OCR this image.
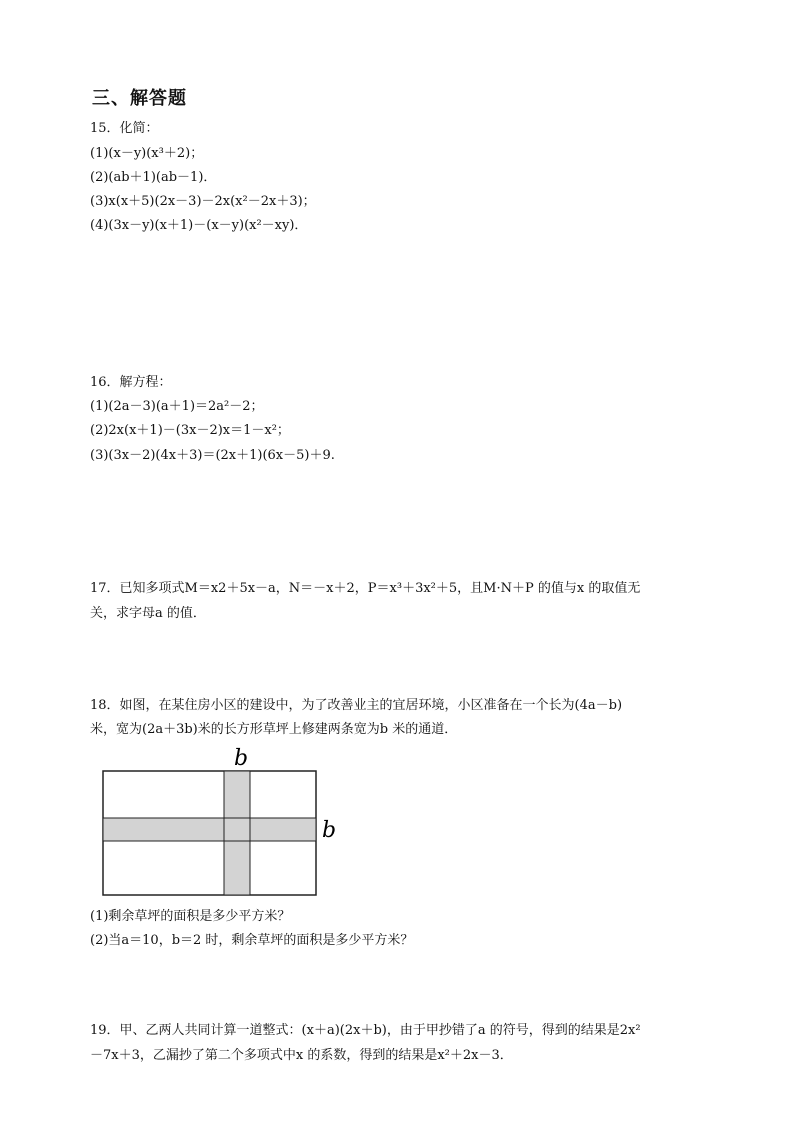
三、解答题
15．化简：
(1)(x－y)(x³＋2)；
(2)(ab＋1)(ab－1)．
(3)x(x＋5)(2x－3)－2x(x²－2x＋3)；
(4)(3x－y)(x＋1)－(x－y)(x²－xy)．
16．解方程：
(1)(2a－3)(a＋1)＝2a²－2；
(2)2x(x＋1)－(3x－2)x＝1－x²；
(3)(3x－2)(4x＋3)＝(2x＋1)(6x－5)＋9.
17．已知多项式M＝x2＋5x－a，N＝－x＋2，P＝x³＋3x²＋5，且M·N＋P 的值与x 的取值无
关，求字母a 的值．
18．如图，在某住房小区的建设中，为了改善业主的宜居环境，小区准备在一个长为(4a－b)
米，宽为(2a＋3b)米的长方形草坪上修建两条宽为b 米的通道．
b
b
(1)剩余草坪的面积是多少平方米？
(2)当a＝10，b＝2 时，剩余草坪的面积是多少平方米？
19．甲、乙两人共同计算一道整式：(x＋a)(2x＋b)，由于甲抄错了a 的符号，得到的结果是2x²
－7x＋3，乙漏抄了第二个多项式中x 的系数，得到的结果是x²＋2x－3．
